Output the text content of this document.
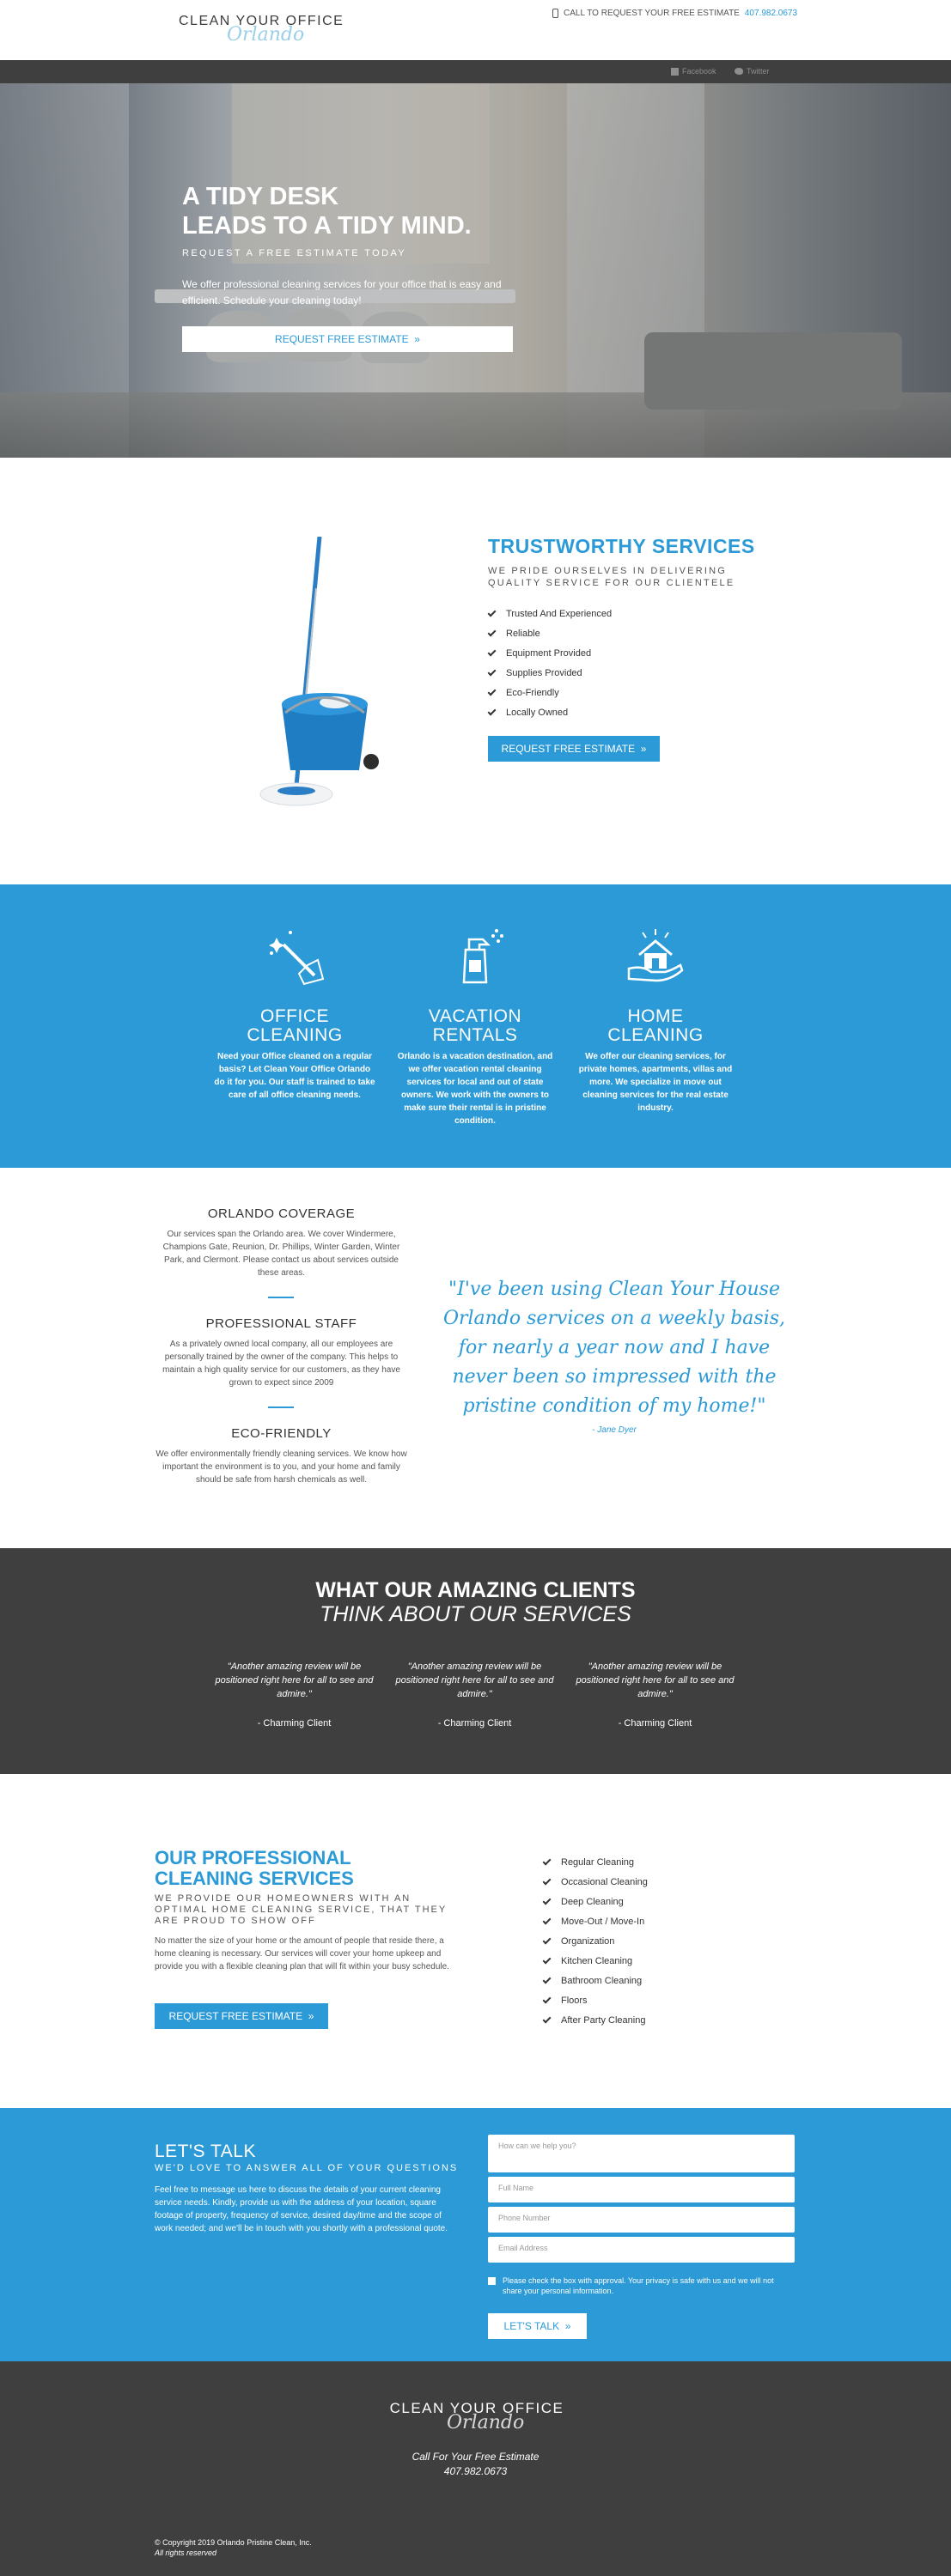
CLEAN YOUR OFFICE
Orlando
CALL TO REQUEST YOUR FREE ESTIMATE 407.982.0673
Facebook	Twitter
A TIDY DESK
LEADS TO A TIDY MIND.
REQUEST A FREE ESTIMATE TODAY
We offer professional cleaning services for your office that is easy and efficient. Schedule your cleaning today!
REQUEST FREE ESTIMATE  »
TRUSTWORTHY SERVICES
WE PRIDE OURSELVES IN DELIVERING QUALITY SERVICE FOR OUR CLIENTELE
Trusted And Experienced
Reliable
Equipment Provided
Supplies Provided
Eco-Friendly
Locally Owned
REQUEST FREE ESTIMATE  »
OFFICE
CLEANING

Need your Office cleaned on a regular basis? Let Clean Your Office Orlando do it for you. Our staff is trained to take care of all office cleaning needs.

VACATION
RENTALS

Orlando is a vacation destination, and we offer vacation rental cleaning services for local and out of state owners. We work with the owners to make sure their rental is in pristine condition.

HOME
CLEANING

We offer our cleaning services, for private homes, apartments, villas and more. We specialize in move out cleaning services for the real estate industry.

ORLANDO COVERAGE

Our services span the Orlando area. We cover Windermere, Champions Gate, Reunion, Dr. Phillips, Winter Garden, Winter Park, and Clermont. Please contact us about services outside these areas.

PROFESSIONAL STAFF

As a privately owned local company, all our employees are personally trained by the owner of the company. This helps to maintain a high quality service for our customers, as they have grown to expect since 2009

ECO-FRIENDLY

We offer environmentally friendly cleaning services. We know how important the environment is to you, and your home and family should be safe from harsh chemicals as well.

"I've been using Clean Your House Orlando services on a weekly basis, for nearly a year now and I have never been so impressed with the pristine condition of my home!"
- Jane Dyer
WHAT OUR AMAZING CLIENTS
THINK ABOUT OUR SERVICES
"Another amazing review will be positioned right here for all to see and admire."
- Charming Client
"Another amazing review will be positioned right here for all to see and admire."
- Charming Client
"Another amazing review will be positioned right here for all to see and admire."
- Charming Client
OUR PROFESSIONAL
CLEANING SERVICES
WE PROVIDE OUR HOMEOWNERS WITH AN OPTIMAL HOME CLEANING SERVICE, THAT THEY ARE PROUD TO SHOW OFF
No matter the size of your home or the amount of people that reside there, a home cleaning is necessary. Our services will cover your home upkeep and provide you with a flexible cleaning plan that will fit within your busy schedule.
REQUEST FREE ESTIMATE  »
Regular Cleaning
Occasional Cleaning
Deep Cleaning
Move-Out / Move-In
Organization
Kitchen Cleaning
Bathroom Cleaning
Floors
After Party Cleaning
LET'S TALK
WE'D LOVE TO ANSWER ALL OF YOUR QUESTIONS
Feel free to message us here to discuss the details of your current cleaning service needs. Kindly, provide us with the address of your location, square footage of property, frequency of service, desired day/time and the scope of work needed; and we'll be in touch with you shortly with a professional quote.
How can we help you?
Full Name
Phone Number
Email Address
Please check the box with approval. Your privacy is safe with us and we will not share your personal information.
LET'S TALK  »
CLEAN YOUR OFFICE
Orlando
Call For Your Free Estimate
407.982.0673
© Copyright 2019 Orlando Pristine Clean, Inc.
All rights reserved
